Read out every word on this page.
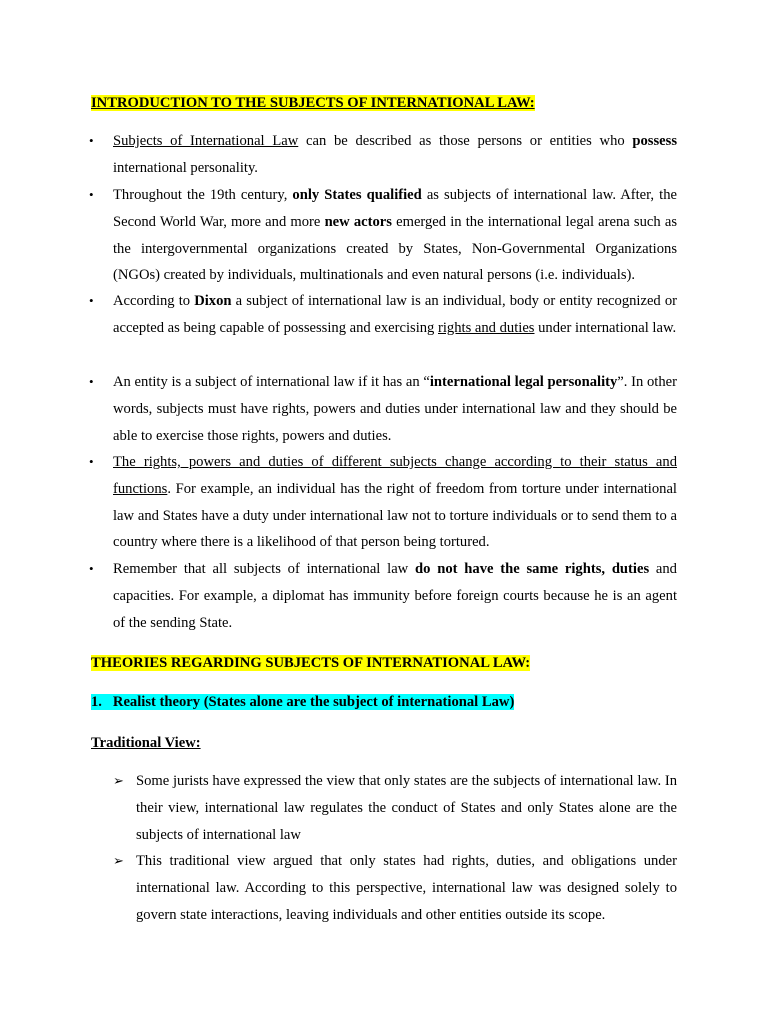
INTRODUCTION TO THE SUBJECTS OF INTERNATIONAL LAW:
• Subjects of International Law can be described as those persons or entities who possess international personality.
• Throughout the 19th century, only States qualified as subjects of international law. After, the Second World War, more and more new actors emerged in the international legal arena such as the intergovernmental organizations created by States, Non-Governmental Organizations (NGOs) created by individuals, multinationals and even natural persons (i.e. individuals).
• According to Dixon a subject of international law is an individual, body or entity recognized or accepted as being capable of possessing and exercising rights and duties under international law.
• An entity is a subject of international law if it has an “international legal personality”. In other words, subjects must have rights, powers and duties under international law and they should be able to exercise those rights, powers and duties.
• The rights, powers and duties of different subjects change according to their status and functions. For example, an individual has the right of freedom from torture under international law and States have a duty under international law not to torture individuals or to send them to a country where there is a likelihood of that person being tortured.
• Remember that all subjects of international law do not have the same rights, duties and capacities. For example, a diplomat has immunity before foreign courts because he is an agent of the sending State.
THEORIES REGARDING SUBJECTS OF INTERNATIONAL LAW:
1. Realist theory (States alone are the subject of international Law)
Traditional View:
➢ Some jurists have expressed the view that only states are the subjects of international law. In their view, international law regulates the conduct of States and only States alone are the subjects of international law
➢ This traditional view argued that only states had rights, duties, and obligations under international law. According to this perspective, international law was designed solely to govern state interactions, leaving individuals and other entities outside its scope.
